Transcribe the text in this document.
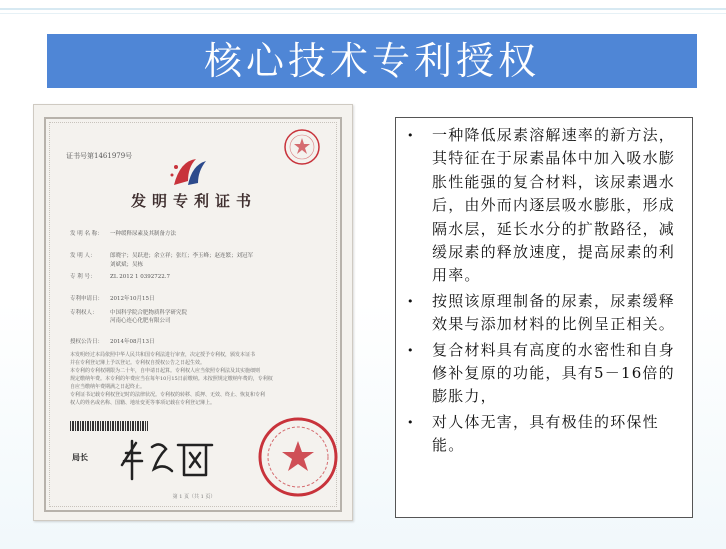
核心技术专利授权
证书号第1461979号
发明专利证书
发 明 名 称： 一种缓释尿素及其制备方法
发 明 人：	郎晓宇；吴跃进；余立祥；张红；李玉峰；赵连繁；刘冠军
刘斌斌；吴栋
专 利 号：	ZL 2012 1 0392722.7
专利申请日： 2012年10月15日
专利权人： 中国科学院合肥物质科学研究院
河南心连心化肥有限公司
授权公告日： 2014年08月13日
本发明经过本局依照中华人民共和国专利法进行审查，决定授予专利权，颁发本证书
并在专利登记簿上予以登记。专利权自授权公告之日起生效。
本专利的专利权期限为二十年，自申请日起算。专利权人应当依照专利法及其实施细则
规定缴纳年费。本专利的年费应当在每年10月15日前缴纳。未按照规定缴纳年费的，专利权
自应当缴纳年费期满之日起终止。
专利证书记载专利权登记时的法律状况。专利权的转移、质押、无效、终止、恢复和专利
权人的姓名或名称、国籍、地址变更等事项记载在专利登记簿上。
局长
第 1 页（共 1 页）
• 一种降低尿素溶解速率的新方法，其特征在于尿素晶体中加入吸水膨胀性能强的复合材料，该尿素遇水后，由外而内逐层吸水膨胀，形成隔水层，延长水分的扩散路径，减缓尿素的释放速度，提高尿素的利用率。
• 按照该原理制备的尿素，尿素缓释效果与添加材料的比例呈正相关。
• 复合材料具有高度的水密性和自身修补复原的功能，具有5－16倍的膨胀力，
• 对人体无害，具有极佳的环保性能。
